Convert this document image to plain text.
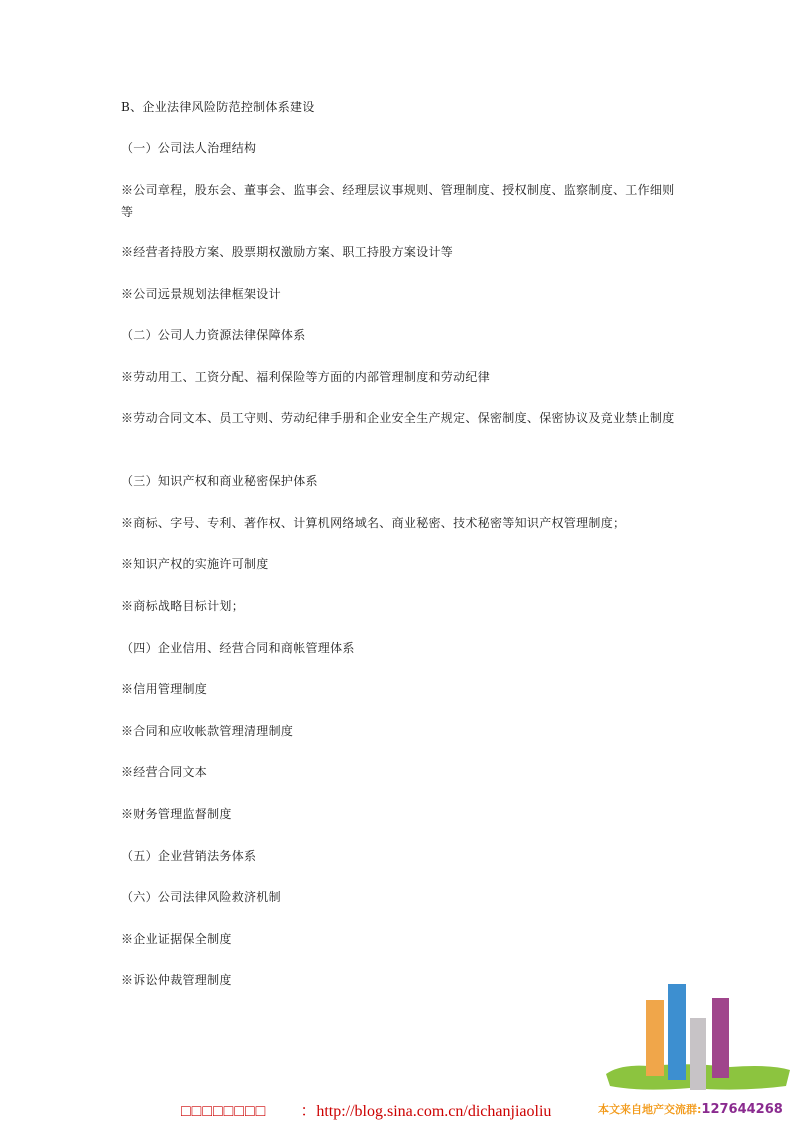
B、企业法律风险防范控制体系建设
（一）公司法人治理结构
※公司章程，股东会、董事会、监事会、经理层议事规则、管理制度、授权制度、监察制度、工作细则等
※经营者持股方案、股票期权激励方案、职工持股方案设计等
※公司远景规划法律框架设计
（二）公司人力资源法律保障体系
※劳动用工、工资分配、福利保险等方面的内部管理制度和劳动纪律
※劳动合同文本、员工守则、劳动纪律手册和企业安全生产规定、保密制度、保密协议及竞业禁止制度
（三）知识产权和商业秘密保护体系
※商标、字号、专利、著作权、计算机网络域名、商业秘密、技术秘密等知识产权管理制度；
※知识产权的实施许可制度
※商标战略目标计划；
（四）企业信用、经营合同和商帐管理体系
※信用管理制度
※合同和应收帐款管理清理制度
※经营合同文本
※财务管理监督制度
（五）企业营销法务体系
（六）公司法律风险救济机制
※企业证据保全制度
※诉讼仲裁管理制度
□□□□□□□□ ：http://blog.sina.com.cn/dichanjiaoliu	本文来自地产交流群:127644268
